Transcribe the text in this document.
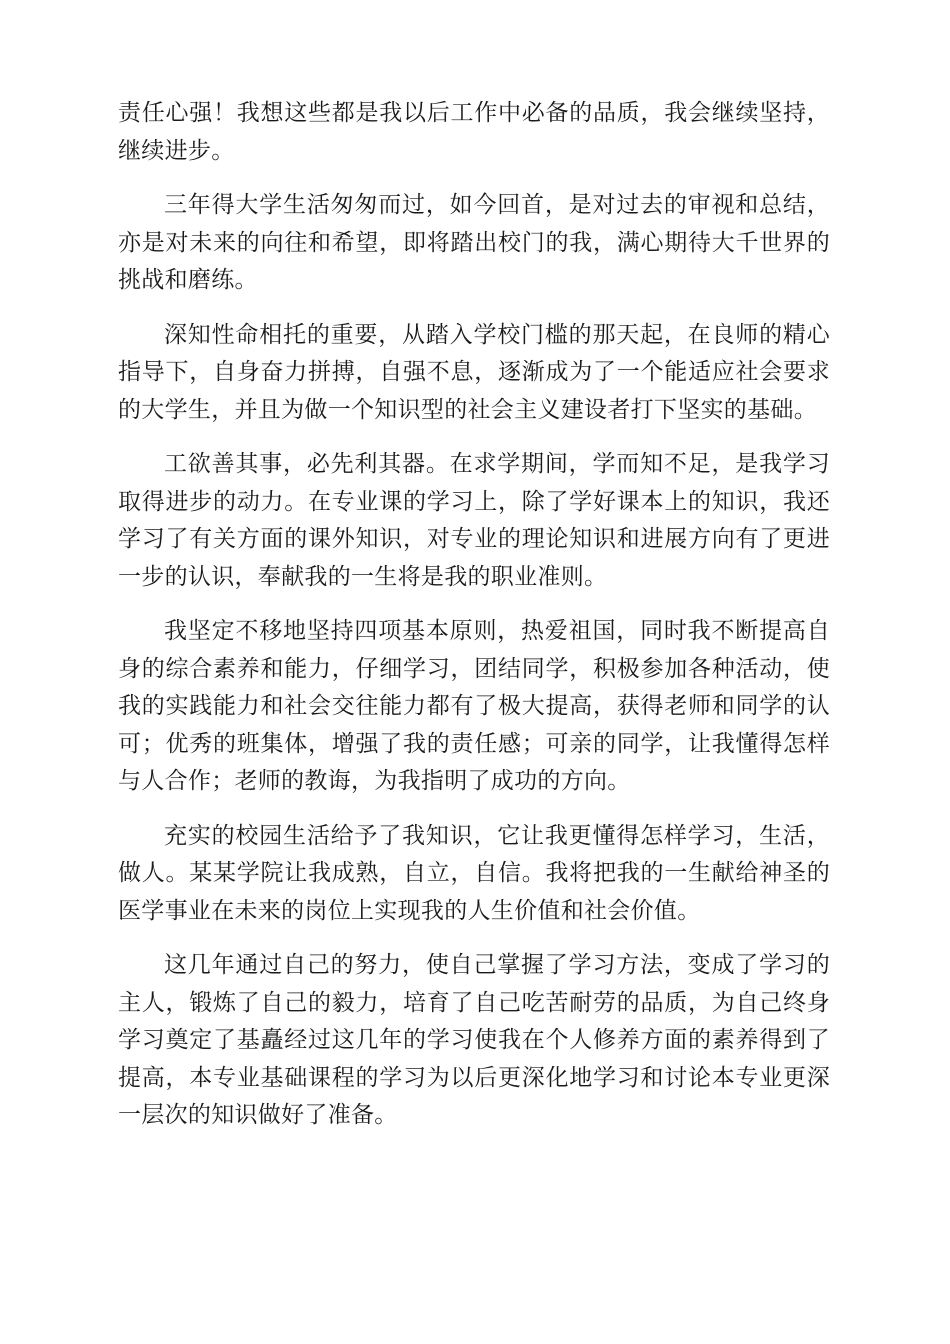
责任心强！我想这些都是我以后工作中必备的品质，我会继续坚持，继续进步。

三年得大学生活匆匆而过，如今回首，是对过去的审视和总结，亦是对未来的向往和希望，即将踏出校门的我，满心期待大千世界的挑战和磨练。

深知性命相托的重要，从踏入学校门槛的那天起，在良师的精心指导下，自身奋力拼搏，自强不息，逐渐成为了一个能适应社会要求的大学生，并且为做一个知识型的社会主义建设者打下坚实的基础。

工欲善其事，必先利其器。在求学期间，学而知不足，是我学习取得进步的动力。在专业课的学习上，除了学好课本上的知识，我还学习了有关方面的课外知识，对专业的理论知识和进展方向有了更进一步的认识，奉献我的一生将是我的职业准则。

我坚定不移地坚持四项基本原则，热爱祖国，同时我不断提高自身的综合素养和能力，仔细学习，团结同学，积极参加各种活动，使我的实践能力和社会交往能力都有了极大提高，获得老师和同学的认可；优秀的班集体，增强了我的责任感；可亲的同学，让我懂得怎样与人合作；老师的教诲，为我指明了成功的方向。

充实的校园生活给予了我知识，它让我更懂得怎样学习，生活，做人。某某学院让我成熟，自立，自信。我将把我的一生献给神圣的医学事业在未来的岗位上实现我的人生价值和社会价值。

这几年通过自己的努力，使自己掌握了学习方法，变成了学习的主人，锻炼了自己的毅力，培育了自己吃苦耐劳的品质，为自己终身学习奠定了基矗经过这几年的学习使我在个人修养方面的素养得到了提高，本专业基础课程的学习为以后更深化地学习和讨论本专业更深一层次的知识做好了准备。
